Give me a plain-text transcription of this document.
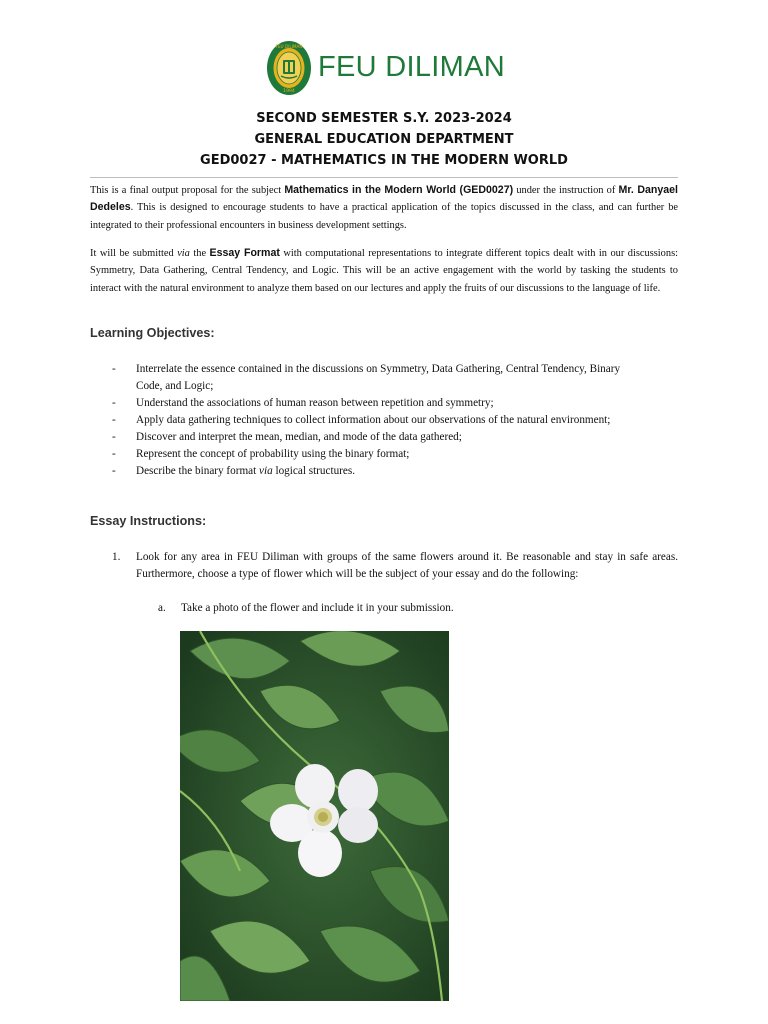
FEU DILIMAN
1994
FEU DILIMAN
SECOND SEMESTER S.Y. 2023-2024
GENERAL EDUCATION DEPARTMENT
GED0027 - MATHEMATICS IN THE MODERN WORLD
This is a final output proposal for the subject Mathematics in the Modern World (GED0027) under the instruction of Mr. Danyael Dedeles. This is designed to encourage students to have a practical application of the topics discussed in the class, and can further be integrated to their professional encounters in business development settings.
It will be submitted via the Essay Format with computational representations to integrate different topics dealt with in our discussions: Symmetry, Data Gathering, Central Tendency, and Logic. This will be an active engagement with the world by tasking the students to interact with the natural environment to analyze them based on our lectures and apply the fruits of our discussions to the language of life.
Learning Objectives:
- Interrelate the essence contained in the discussions on Symmetry, Data Gathering, Central Tendency, Binary Code, and Logic;
- Understand the associations of human reason between repetition and symmetry;
- Apply data gathering techniques to collect information about our observations of the natural environment;
- Discover and interpret the mean, median, and mode of the data gathered;
- Represent the concept of probability using the binary format;
- Describe the binary format via logical structures.
Essay Instructions:
1. Look for any area in FEU Diliman with groups of the same flowers around it. Be reasonable and stay in safe areas. Furthermore, choose a type of flower which will be the subject of your essay and do the following:
a. Take a photo of the flower and include it in your submission.
